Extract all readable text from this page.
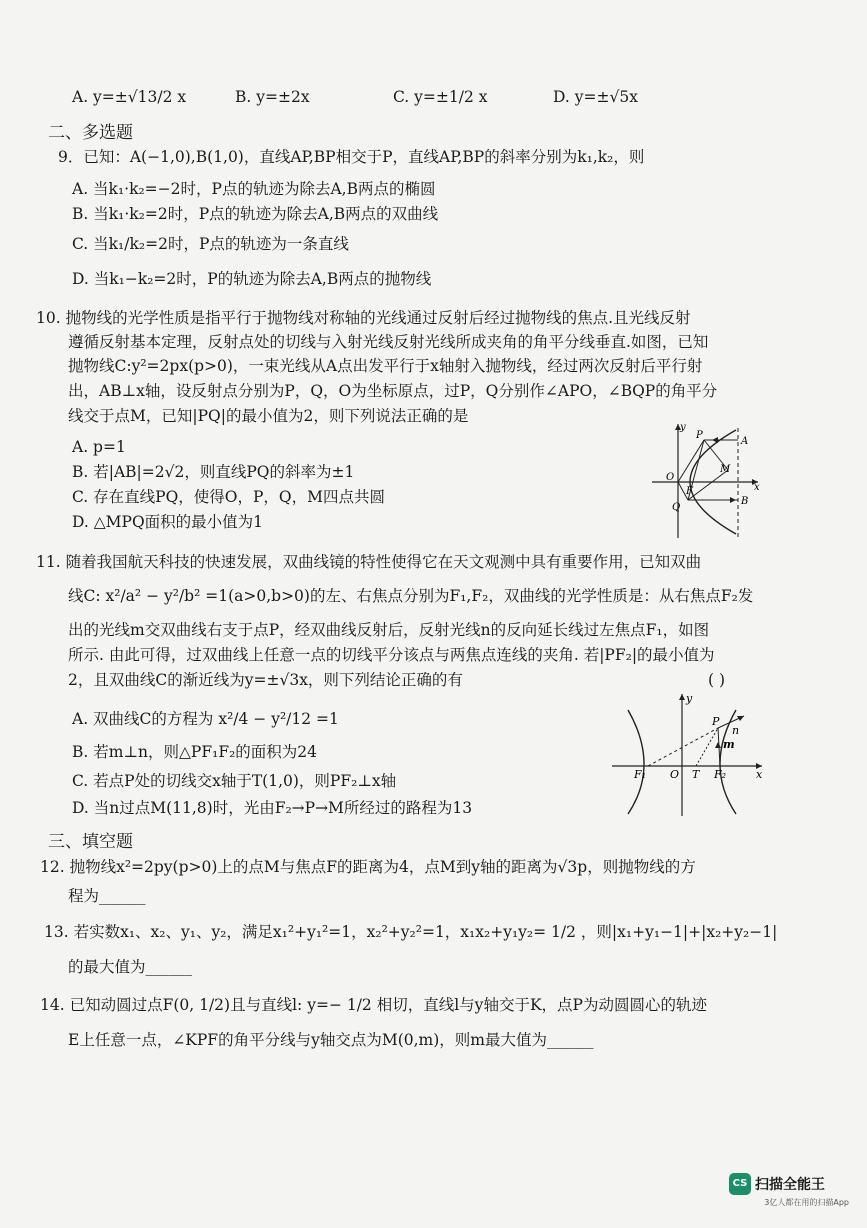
A. y=±√13/2 x	B. y=±2x	C. y=±1/2 x	D. y=±√5x
二、多选题
9．已知：A(−1,0),B(1,0)，直线AP,BP相交于P，直线AP,BP的斜率分别为k₁,k₂，则
A. 当k₁·k₂=−2时，P点的轨迹为除去A,B两点的椭圆
B. 当k₁·k₂=2时，P点的轨迹为除去A,B两点的双曲线
C. 当k₁/k₂=2时，P点的轨迹为一条直线
D. 当k₁−k₂=2时，P的轨迹为除去A,B两点的抛物线
10. 抛物线的光学性质是指平行于抛物线对称轴的光线通过反射后经过抛物线的焦点.且光线反射
遵循反射基本定理，反射点处的切线与入射光线反射光线所成夹角的角平分线垂直.如图，已知
抛物线C:y²=2px(p>0)，一束光线从A点出发平行于x轴射入抛物线，经过两次反射后平行射
出，AB⊥x轴，设反射点分别为P，Q，O为坐标原点，过P，Q分别作∠APO，∠BQP的角平分
线交于点M，已知|PQ|的最小值为2，则下列说法正确的是
A. p=1
B. 若|AB|=2√2，则直线PQ的斜率为±1
C. 存在直线PQ，使得O，P，Q，M四点共圆
D. △MPQ面积的最小值为1
y
P
A
M
O
F	x
Q
B
11. 随着我国航天科技的快速发展，双曲线镜的特性使得它在天文观测中具有重要作用，已知双曲
线C: x²/a² − y²/b² =1(a>0,b>0)的左、右焦点分别为F₁,F₂，双曲线的光学性质是：从右焦点F₂发
出的光线m交双曲线右支于点P，经双曲线反射后，反射光线n的反向延长线过左焦点F₁，如图
所示. 由此可得，过双曲线上任意一点的切线平分该点与两焦点连线的夹角. 若|PF₂|的最小值为
2，且双曲线C的渐近线为y=±√3x，则下列结论正确的有	( )
A. 双曲线C的方程为 x²/4 − y²/12 =1
B. 若m⊥n，则△PF₁F₂的面积为24
C. 若点P处的切线交x轴于T(1,0)，则PF₂⊥x轴
D. 当n过点M(11,8)时，光由F₂→P→M所经过的路程为13
y
P
n
m
F₁ O T F₂	x
三、填空题
12. 抛物线x²=2py(p>0)上的点M与焦点F的距离为4，点M到y轴的距离为√3p，则抛物线的方
程为______
13. 若实数x₁、x₂、y₁、y₂，满足x₁²+y₁²=1，x₂²+y₂²=1，x₁x₂+y₁y₂= 1/2 ，则|x₁+y₁−1|+|x₂+y₂−1|
的最大值为______
14. 已知动圆过点F(0, 1/2)且与直线l: y=− 1/2 相切，直线l与y轴交于K，点P为动圆圆心的轨迹
E上任意一点，∠KPF的角平分线与y轴交点为M(0,m)，则m最大值为______
CS 扫描全能王
3亿人都在用的扫描App
